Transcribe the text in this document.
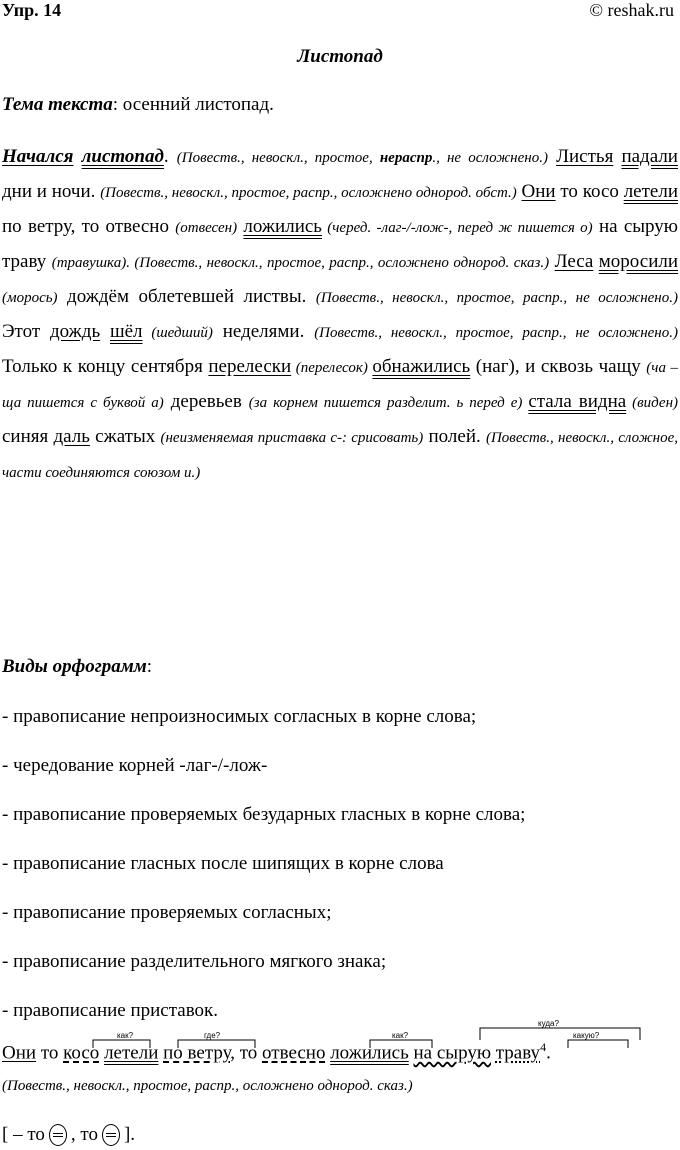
Упр. 14	© reshak.ru
Листопад
Тема текста: осенний листопад.
Начался листопад. (Повеств., невоскл., простое, нераспр., не осложнено.) Листья падали дни и ночи. (Повеств., невоскл., простое, распр., осложнено однород. обст.) Они то косо летели по ветру, то отвесно (отвесен) ложились (черед. -лаг-/-лож-, перед ж пишется о) на сырую траву (травушка). (Повеств., невоскл., простое, распр., осложнено однород. сказ.) Леса моросили (морось) дождём облетевшей листвы. (Повеств., невоскл., простое, распр., не осложнено.) Этот дождь шёл (шедший) неделями. (Повеств., невоскл., простое, распр., не осложнено.) Только к концу сентября перелески (перелесок) обнажились (наг), и сквозь чащу (ча – ща пишется с буквой а) деревьев (за корнем пишется разделит. ь перед е) стала видна (виден) синяя даль сжатых (неизменяемая приставка с-: срисовать) полей. (Повеств., невоскл., сложное, части соединяются союзом и.)
Виды орфограмм:
- правописание непроизносимых согласных в корне слова;
- чередование корней -лаг-/-лож-
- правописание проверяемых безударных гласных в корне слова;
- правописание гласных после шипящих в корне слова
- правописание проверяемых согласных;
- правописание разделительного мягкого знака;
- правописание приставок.
как?	где?	как?
куда?
какую?
Они то косо летели по ветру, то отвесно ложились на сырую траву$^4$.
(Повеств., невоскл., простое, распр., осложнено однород. сказ.)
[ – то , то ].
